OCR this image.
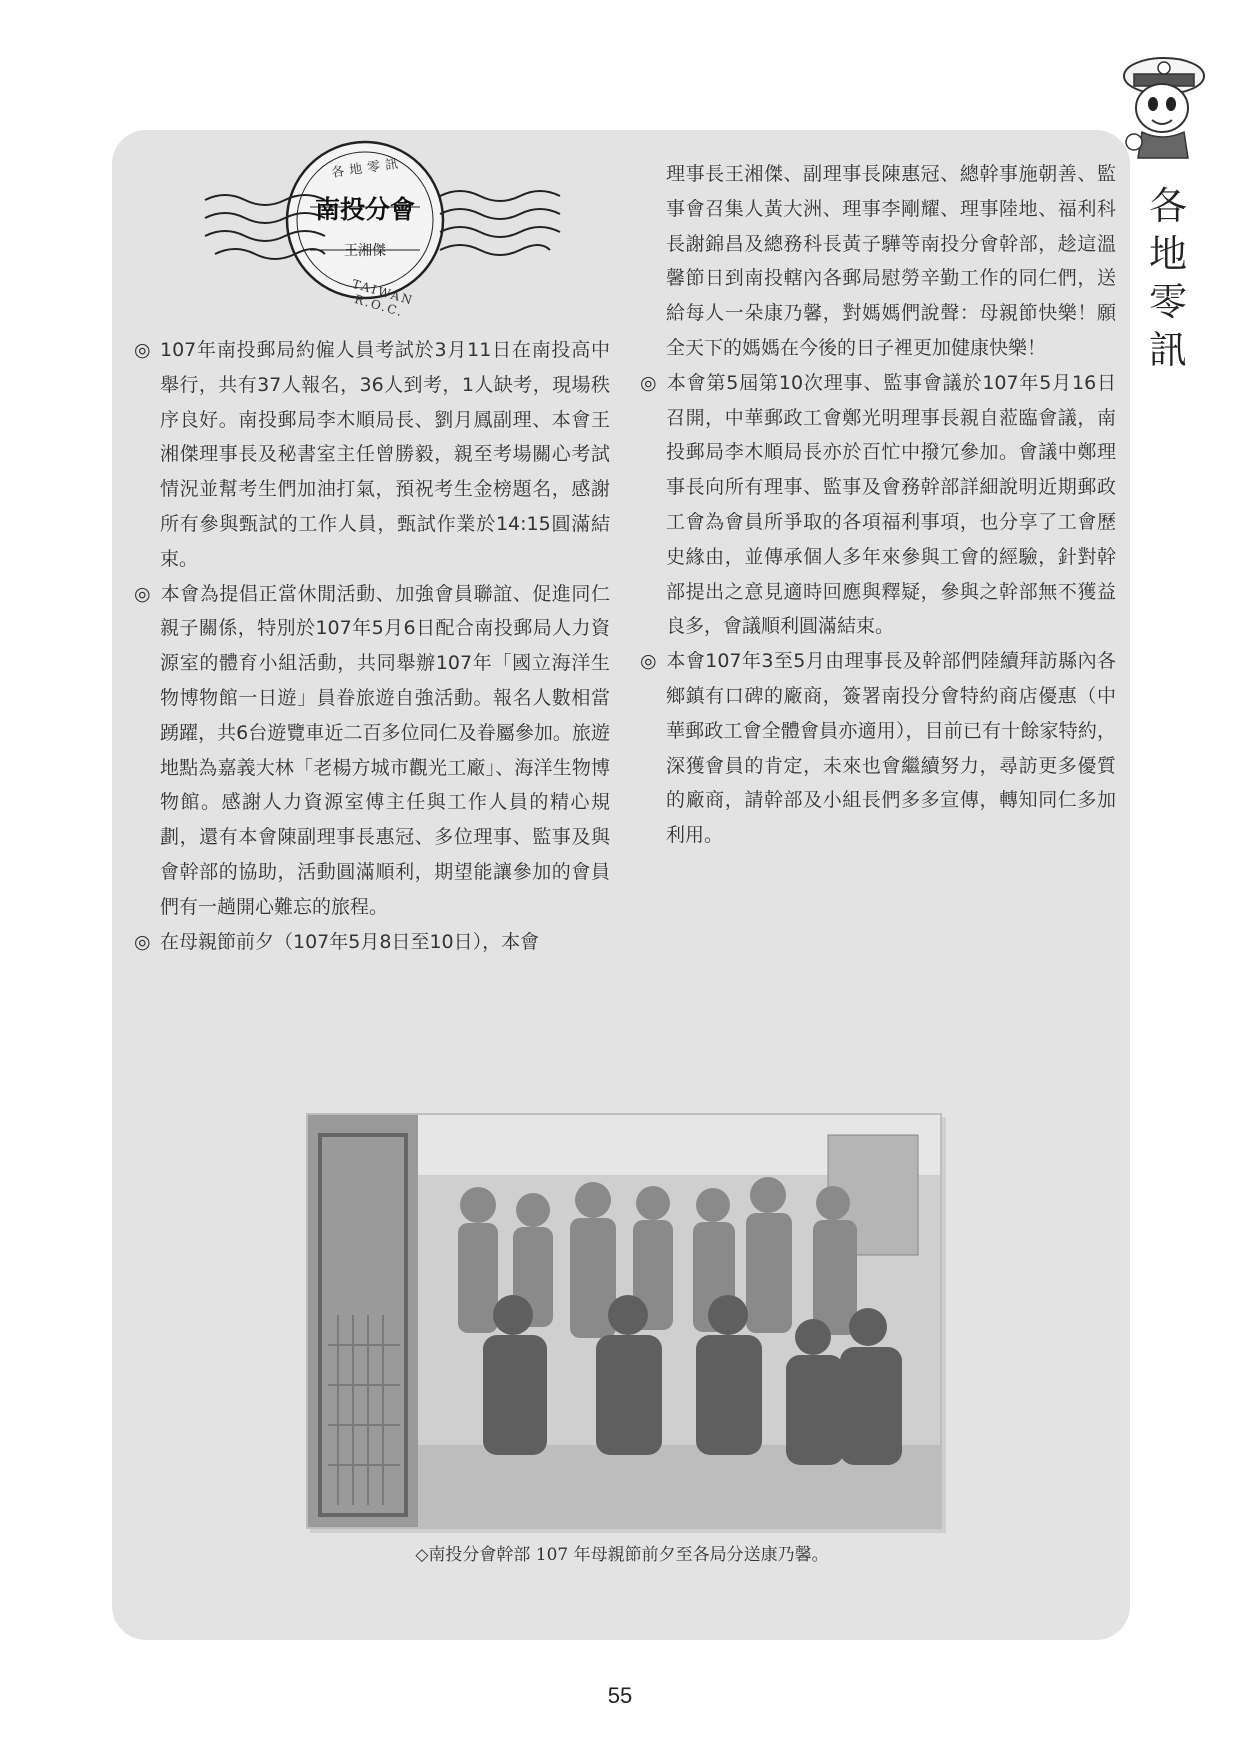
各
地
零
訊
各地零訊
南投分會
王湘傑
TAIWAN R.O.C.

◎ 107年南投郵局約僱人員考試於3月11日在南投高中舉行，共有37人報名，36人到考，1人缺考，現場秩序良好。南投郵局李木順局長、劉月鳳副理、本會王湘傑理事長及秘書室主任曾勝毅，親至考場關心考試情況並幫考生們加油打氣，預祝考生金榜題名，感謝所有參與甄試的工作人員，甄試作業於14:15圓滿結束。

◎ 本會為提倡正當休閒活動、加強會員聯誼、促進同仁親子關係，特別於107年5月6日配合南投郵局人力資源室的體育小組活動，共同舉辦107年「國立海洋生物博物館一日遊」員眷旅遊自強活動。報名人數相當踴躍，共6台遊覽車近二百多位同仁及眷屬參加。旅遊地點為嘉義大林「老楊方城市觀光工廠」、海洋生物博物館。感謝人力資源室傅主任與工作人員的精心規劃，還有本會陳副理事長惠冠、多位理事、監事及與會幹部的協助，活動圓滿順利，期望能讓參加的會員們有一趟開心難忘的旅程。

◎ 在母親節前夕（107年5月8日至10日），本會

理事長王湘傑、副理事長陳惠冠、總幹事施朝善、監事會召集人黃大洲、理事李剛耀、理事陸地、福利科長謝錦昌及總務科長黃子驊等南投分會幹部，趁這溫馨節日到南投轄內各郵局慰勞辛勤工作的同仁們，送給每人一朵康乃馨，對媽媽們說聲：母親節快樂！願全天下的媽媽在今後的日子裡更加健康快樂！

◎ 本會第5屆第10次理事、監事會議於107年5月16日召開，中華郵政工會鄭光明理事長親自蒞臨會議，南投郵局李木順局長亦於百忙中撥冗參加。會議中鄭理事長向所有理事、監事及會務幹部詳細說明近期郵政工會為會員所爭取的各項福利事項，也分享了工會歷史緣由，並傳承個人多年來參與工會的經驗，針對幹部提出之意見適時回應與釋疑，參與之幹部無不獲益良多，會議順利圓滿結束。

◎ 本會107年3至5月由理事長及幹部們陸續拜訪縣內各鄉鎮有口碑的廠商，簽署南投分會特約商店優惠（中華郵政工會全體會員亦適用），目前已有十餘家特約，深獲會員的肯定，未來也會繼續努力，尋訪更多優質的廠商，請幹部及小組長們多多宣傳，轉知同仁多加利用。

◇南投分會幹部 107 年母親節前夕至各局分送康乃馨。
55
